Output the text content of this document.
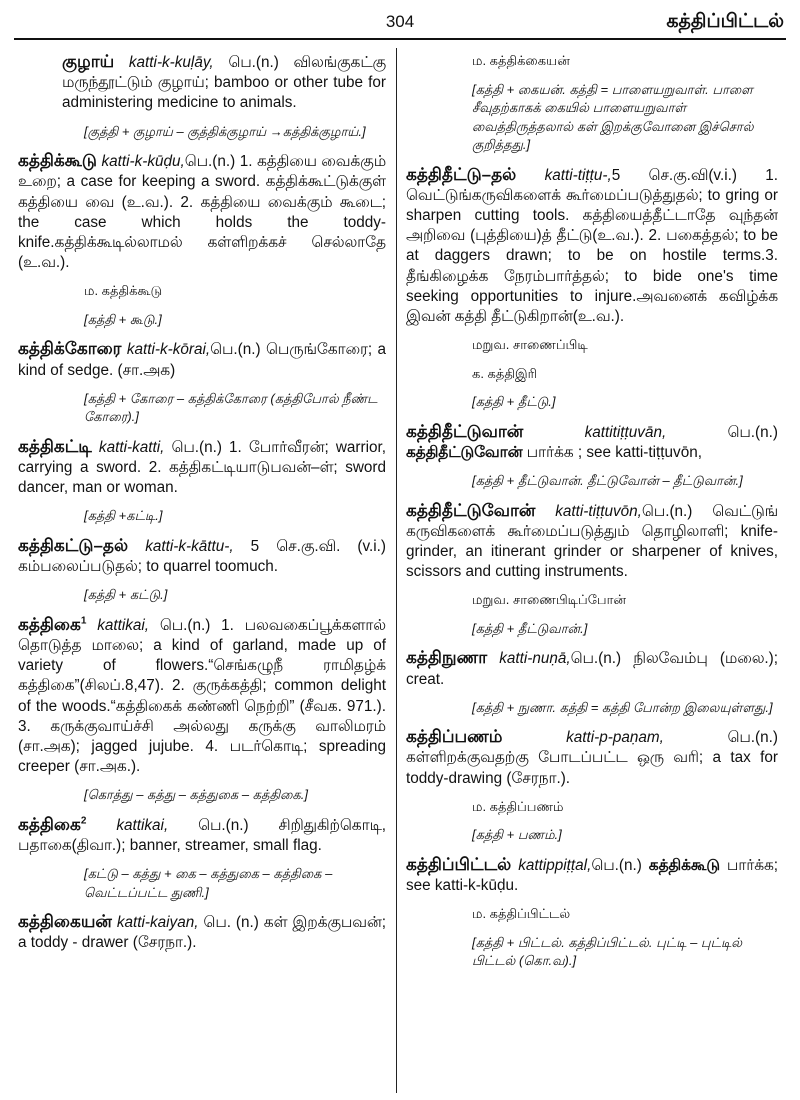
304	கத்திப்பிட்டல்

குழாய் katti-k-kuḷāy, பெ.(n.) விலங்குகட்கு மருந்தூட்டும் குழாய்; bamboo or other tube for administering medicine to animals.

[குத்தி + குழாய் – குத்திக்குழாய் →கத்திக்குழாய்.]

கத்திக்கூடு katti-k-kūḍu,பெ.(n.) 1. கத்தியை வைக்கும் உறை; a case for keeping a sword. கத்திக்கூட்டுக்குள் கத்தியை வை (உ.வ.). 2. கத்தியை வைக்கும் கூடை; the case which holds the toddy-knife.கத்திக்கூடில்லாமல் கள்ளிறக்கச் செல்லாதே (உ.வ.).

ம. கத்திக்கூடு
[கத்தி + கூடு.]

கத்திக்கோரை katti-k-kōrai,பெ.(n.) பெருங்கோரை; a kind of sedge. (சா.அக)

[கத்தி + கோரை – கத்திக்கோரை (கத்திபோல் நீண்ட கோரை).]

கத்திகட்டி katti-katti, பெ.(n.) 1. போர்வீரன்; warrior, carrying a sword. 2. கத்திகட்டியாடுபவன்–ள்; sword dancer, man or woman.

[கத்தி +கட்டி.]

கத்திகட்டு–தல் katti-k-kāttu-, 5 செ.கு.வி. (v.i.) கம்பலைப்படுதல்; to quarrel toomuch.

[கத்தி + கட்டு.]

கத்திகை$^1$ kattikai, பெ.(n.) 1. பலவகைப்பூக்களால் தொடுத்த மாலை; a kind of garland, made up of variety of flowers.“செங்கழுநீ ராமிதழ்க் கத்திகை”(சிலப்.8,47). 2. குருக்கத்தி; common delight of the woods.“கத்திகைக் கண்ணி நெற்றி” (சீவக. 971.). 3. கருக்குவாய்ச்சி அல்லது கருக்கு வாலிமரம் (சா.அக); jagged jujube. 4. படர்கொடி; spreading creeper (சா.அக.).

[கொத்து – கத்து – கத்துகை – கத்திகை.]

கத்திகை$^2$ kattikai, பெ.(n.) சிறிதுகிற்கொடி, பதாகை(திவா.); banner, streamer, small flag.

[கட்டு – கத்து + கை – கத்துகை – கத்திகை – வெட்டப்பட்ட துணி.]

கத்திகையன் katti-kaiyan, பெ. (n.) கள் இறக்குபவன்; a toddy - drawer (சேரநா.).

ம. கத்திக்கையன்
[கத்தி + கையன். கத்தி = பாளையறுவாள். பாளை சீவுதற்காகக் கையில் பாளையறுவாள் வைத்திருத்தலால் கள் இறக்குவோனை இச்சொல் குறித்தது.]

கத்திதீட்டு–தல் katti-tiṭṭu-,5 செ.கு.வி(v.i.) 1. வெட்டுங்கருவிகளைக் கூர்மைப்படுத்துதல்; to gring or sharpen cutting tools. கத்தியைத்தீட்டாதே வுந்தன் அறிவை (புத்தியை)த் தீட்டு(உ.வ.). 2. பகைத்தல்; to be at daggers drawn; to be on hostile terms.3. தீங்கிழைக்க நேரம்பார்த்தல்; to bide one's time seeking opportunities to injure.அவனைக் கவிழ்க்க இவன் கத்தி தீட்டுகிறான்(உ.வ.).

மறுவ. சாணைப்பிடி
க. கத்திஇரி
[கத்தி + தீட்டு.]

கத்திதீட்டுவான்	kattitiṭṭuvān, பெ.(n.) கத்திதீட்டுவோன் பார்க்க ; see katti-tiṭṭuvōn,

[கத்தி + தீட்டுவான். தீட்டுவோன் – தீட்டுவான்.]

கத்திதீட்டுவோன் katti-tiṭṭuvōn,பெ.(n.) வெட்டுங் கருவிகளைக் கூர்மைப்படுத்தும் தொழிலாளி; knife-grinder, an itinerant grinder or sharpener of knives, scissors and cutting instruments.

மறுவ. சாணைபிடிப்போன்
[கத்தி + தீட்டுவான்.]

கத்திநுணா katti-nuṇā,பெ.(n.) நிலவேம்பு (மலை.); creat.

[கத்தி + நுணா. கத்தி = கத்தி போன்ற இலையுள்ளது.]

கத்திப்பணம்	katti-p-paṇam, பெ.(n.) கள்ளிறக்குவதற்கு போடப்பட்ட ஒரு வரி; a tax for toddy-drawing (சேரநா.).

ம. கத்திப்பணம்
[கத்தி + பணம்.]

கத்திப்பிட்டல் kattippiṭṭal,பெ.(n.) கத்திக்கூடு பார்க்க; see katti-k-kūḍu.

ம. கத்திப்பிட்டல்
[கத்தி + பிட்டல். கத்திப்பிட்டல். புட்டி – புட்டில் பிட்டல் (கொ.வ).]
